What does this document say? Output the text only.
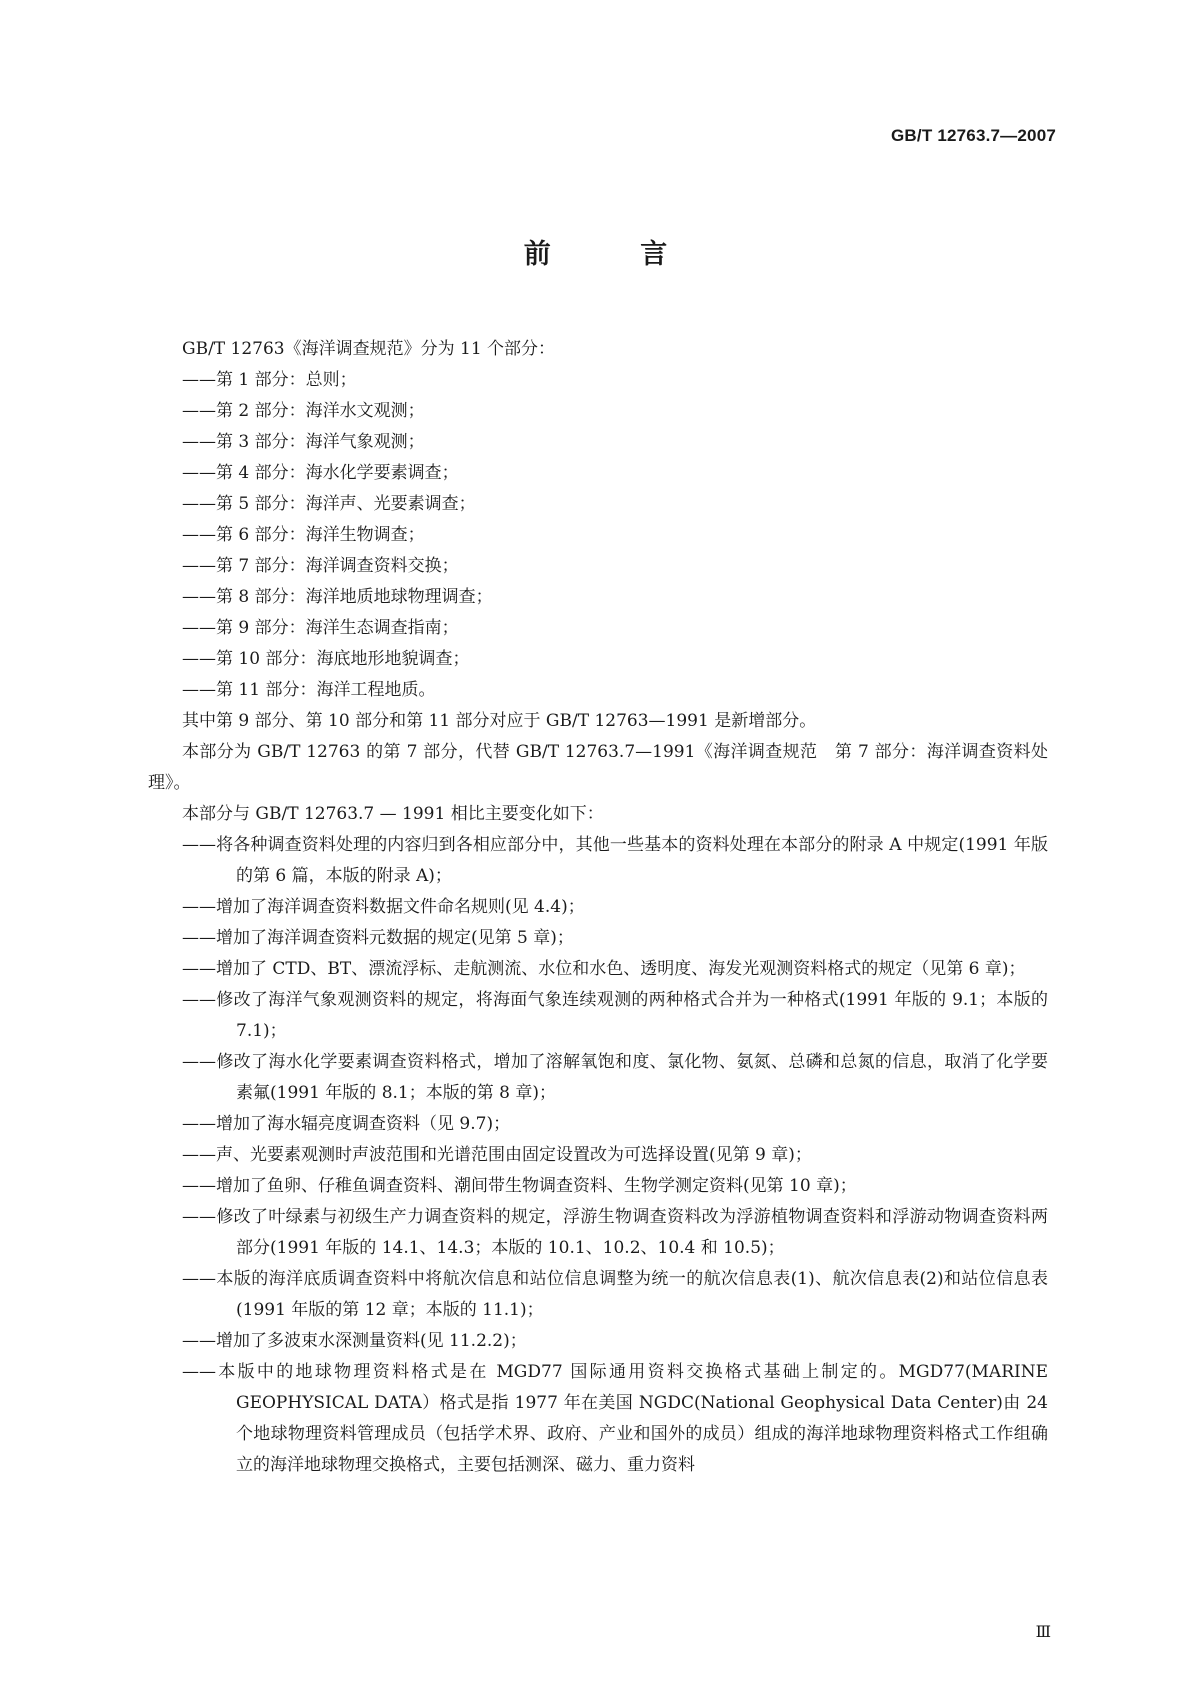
GB/T 12763.7—2007
前 言
GB/T 12763《海洋调查规范》分为 11 个部分：
——第 1 部分：总则；
——第 2 部分：海洋水文观测；
——第 3 部分：海洋气象观测；
——第 4 部分：海水化学要素调查；
——第 5 部分：海洋声、光要素调查；
——第 6 部分：海洋生物调查；
——第 7 部分：海洋调查资料交换；
——第 8 部分：海洋地质地球物理调查；
——第 9 部分：海洋生态调查指南；
——第 10 部分：海底地形地貌调查；
——第 11 部分：海洋工程地质。
其中第 9 部分、第 10 部分和第 11 部分对应于 GB/T 12763—1991 是新增部分。
本部分为 GB/T 12763 的第 7 部分，代替 GB/T 12763.7—1991《海洋调查规范　第 7 部分：海洋调查资料处理》。
本部分与 GB/T 12763.7 — 1991 相比主要变化如下：
——将各种调查资料处理的内容归到各相应部分中，其他一些基本的资料处理在本部分的附录 A 中规定(1991 年版的第 6 篇，本版的附录 A)；
——增加了海洋调查资料数据文件命名规则(见 4.4)；
——增加了海洋调查资料元数据的规定(见第 5 章)；
——增加了 CTD、BT、漂流浮标、走航测流、水位和水色、透明度、海发光观测资料格式的规定（见第 6 章)；
——修改了海洋气象观测资料的规定，将海面气象连续观测的两种格式合并为一种格式(1991 年版的 9.1；本版的 7.1)；
——修改了海水化学要素调查资料格式，增加了溶解氧饱和度、氯化物、氨氮、总磷和总氮的信息，取消了化学要素氟(1991 年版的 8.1；本版的第 8 章)；
——增加了海水辐亮度调查资料（见 9.7)；
——声、光要素观测时声波范围和光谱范围由固定设置改为可选择设置(见第 9 章)；
——增加了鱼卵、仔稚鱼调查资料、潮间带生物调查资料、生物学测定资料(见第 10 章)；
——修改了叶绿素与初级生产力调查资料的规定，浮游生物调查资料改为浮游植物调查资料和浮游动物调查资料两部分(1991 年版的 14.1、14.3；本版的 10.1、10.2、10.4 和 10.5)；
——本版的海洋底质调查资料中将航次信息和站位信息调整为统一的航次信息表(1)、航次信息表(2)和站位信息表(1991 年版的第 12 章；本版的 11.1)；
——增加了多波束水深测量资料(见 11.2.2)；
——本版中的地球物理资料格式是在 MGD77 国际通用资料交换格式基础上制定的。MGD77(MARINE GEOPHYSICAL DATA）格式是指 1977 年在美国 NGDC(National Geophysical Data Center)由 24 个地球物理资料管理成员（包括学术界、政府、产业和国外的成员）组成的海洋地球物理资料格式工作组确立的海洋地球物理交换格式，主要包括测深、磁力、重力资料
Ⅲ
